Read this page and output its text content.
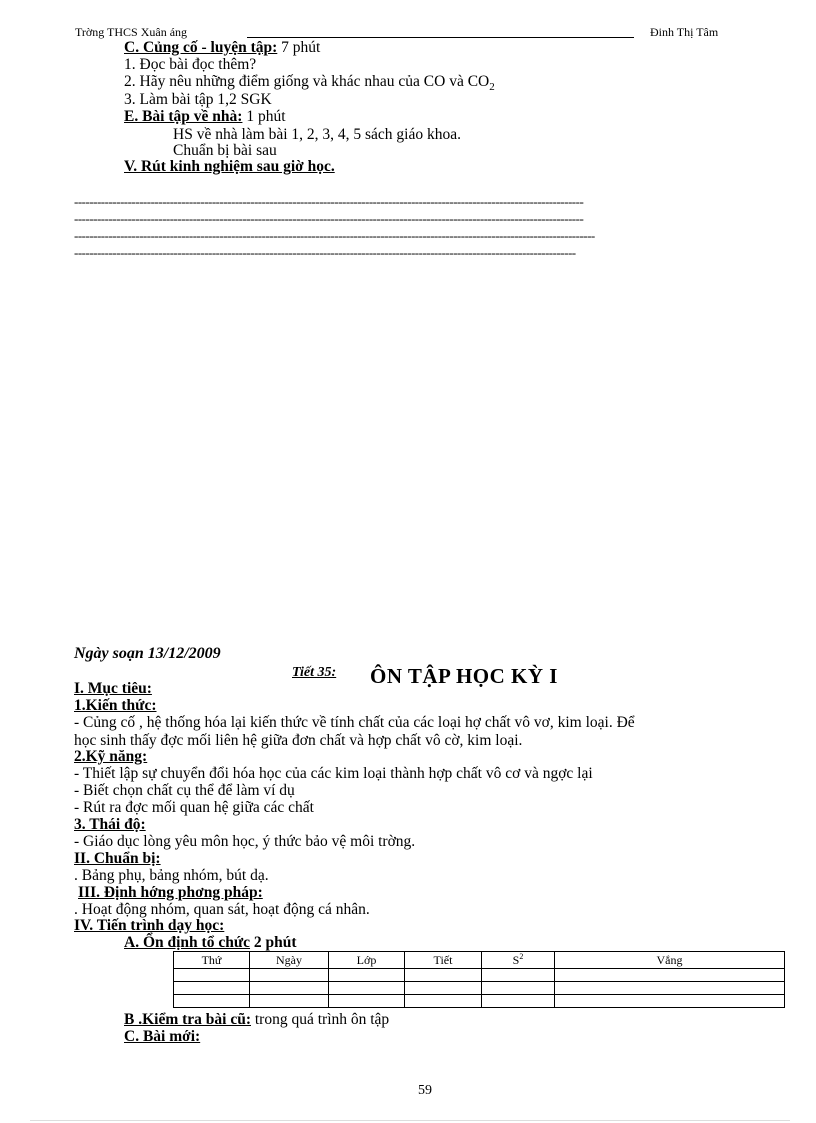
Trờng THCS Xuân áng	Đinh Thị Tâm
C. Củng cố - luyện tập: 7 phút
1. Đọc bài đọc thêm?
2. Hãy nêu những điểm giống và khác nhau của CO và $CO_2$
3. Làm bài tập 1,2 SGK
E. Bài tập về nhà: 1 phút
HS về nhà làm bài 1, 2, 3, 4, 5 sách giáo khoa.
Chuẩn bị bài sau
V. Rút kinh nghiệm sau giờ học.
-------------------------------------------------------------------------------------------------------------------------------------
-------------------------------------------------------------------------------------------------------------------------------------
----------------------------------------------------------------------------------------------------------------------------------------
-----------------------------------------------------------------------------------------------------------------------------------
Ngày soạn 13/12/2009
Tiết 35: ÔN TẬP HỌC KỲ I
I. Mục tiêu:
1.Kiến thức:
- Củng cố , hệ thống hóa lại kiến thức về tính chất của các loại hợ chất vô vơ, kim loại. Để
học sinh thấy đợc mối liên hệ giữa đơn chất và hợp chất vô cờ, kim loại.
2.Kỹ năng:
- Thiết lập sự chuyển đổi hóa học của các kim loại thành hợp chất vô cơ và ngợc lại
- Biết chọn chất cụ thể để làm ví dụ
- Rút ra đợc mối quan hệ giữa các chất
3. Thái độ:
- Giáo dục lòng yêu môn học, ý thức bảo vệ môi trờng.
II. Chuẩn bị:
. Bảng phụ, bảng nhóm, bút dạ.
III. Định hớng phơng pháp:
. Hoạt động nhóm, quan sát, hoạt động cá nhân.
IV. Tiến trình dạy học:
A. Ổn định tổ chức 2 phút
Thứ	Ngày	Lớp	Tiết	$S^2$	Vắng

B .Kiểm tra bài cũ: trong quá trình ôn tập
C. Bài mới:
59
